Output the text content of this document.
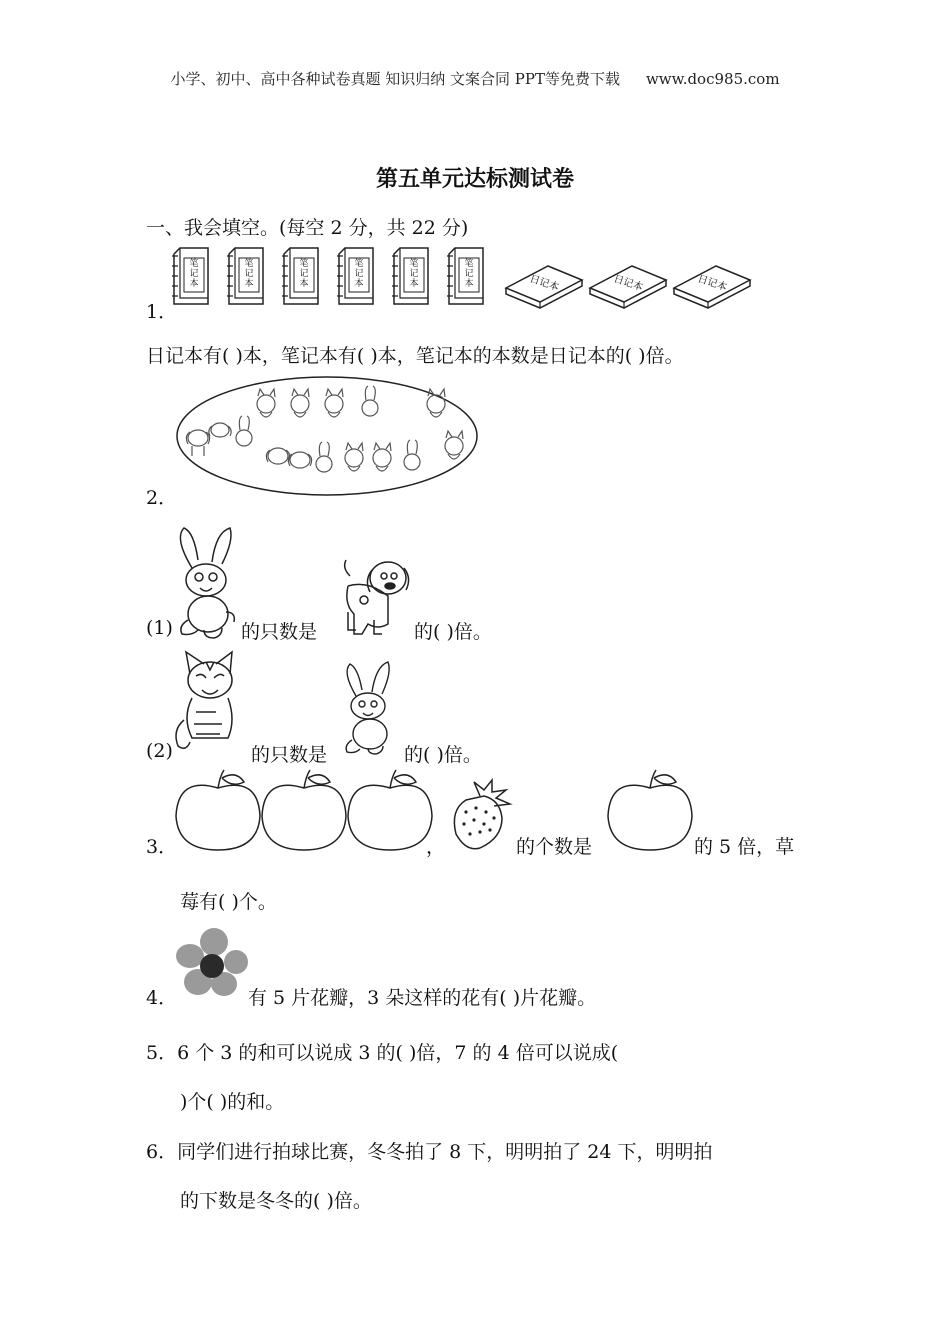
小学、初中、高中各种试卷真题 知识归纳 文案合同 PPT等免费下载 www.doc985.com
第五单元达标测试卷
一、我会填空。(每空 2 分，共 22 分)
笔记本
笔记本
笔记本
笔记本
笔记本
笔记本	日记本	日记本	日记本
1．
日记本有( )本，笔记本有( )本，笔记本的本数是日记本的( )倍。
2．
(1)	的只数是	的( )倍。
(2)	的只数是	的( )倍。
3．	，	的个数是	的 5 倍，草
莓有( )个。
4．	有 5 片花瓣，3 朵这样的花有( )片花瓣。
5．6 个 3 的和可以说成 3 的( )倍，7 的 4 倍可以说成(
)个( )的和。
6．同学们进行拍球比赛，冬冬拍了 8 下，明明拍了 24 下，明明拍
的下数是冬冬的( )倍。
